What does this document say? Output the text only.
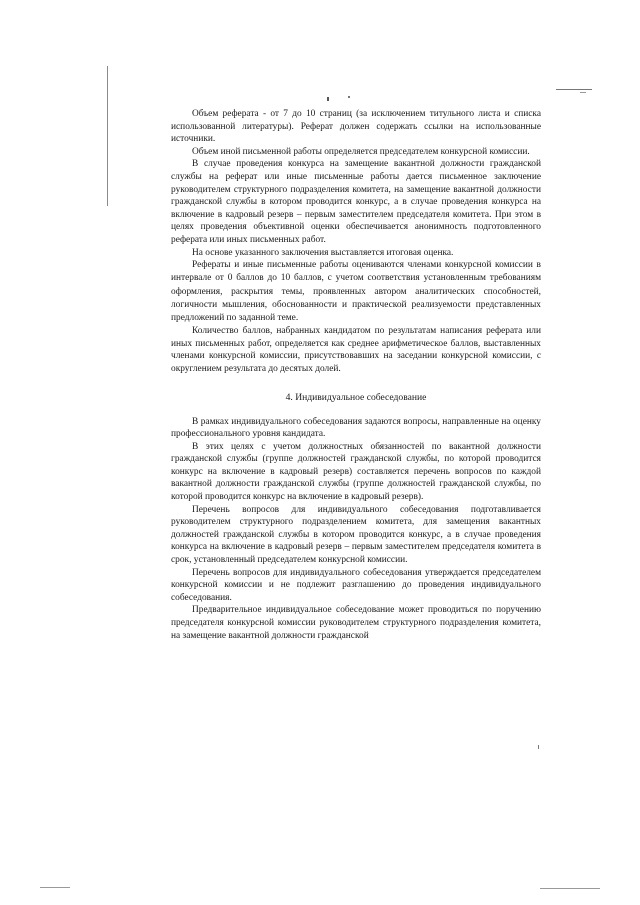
Объем реферата - от 7 до 10 страниц (за исключением титульного листа и списка использованной литературы). Реферат должен содержать ссылки на использованные источники.

Объем иной письменной работы определяется председателем конкурсной комиссии.

В случае проведения конкурса на замещение вакантной должности гражданской службы на реферат или иные письменные работы дается письменное заключение руководителем структурного подразделения комитета, на замещение вакантной должности гражданской службы в котором проводится конкурс, а в случае проведения конкурса на включение в кадровый резерв – первым заместителем председателя комитета. При этом в целях проведения объективной оценки обеспечивается анонимность подготовленного реферата или иных письменных работ.

На основе указанного заключения выставляется итоговая оценка.

Рефераты и иные письменные работы оцениваются членами конкурсной комиссии в интервале от 0 баллов до 10 баллов, с учетом соответствия установленным требованиям оформления, раскрытия темы, проявленных автором аналитических способностей, логичности мышления, обоснованности и практической реализуемости представленных предложений по заданной теме.

Количество баллов, набранных кандидатом по результатам написания реферата или иных письменных работ, определяется как среднее арифметическое баллов, выставленных членами конкурсной комиссии, присутствовавших на заседании конкурсной комиссии, с округлением результата до десятых долей.

4. Индивидуальное собеседование

В рамках индивидуального собеседования задаются вопросы, направленные на оценку профессионального уровня кандидата.

В этих целях с учетом должностных обязанностей по вакантной должности гражданской службы (группе должностей гражданской службы, по которой проводится конкурс на включение в кадровый резерв) составляется перечень вопросов по каждой вакантной должности гражданской службы (группе должностей гражданской службы, по которой проводится конкурс на включение в кадровый резерв).

Перечень вопросов для индивидуального собеседования подготавливается руководителем структурного подразделением комитета, для замещения вакантных должностей гражданской службы в котором проводится конкурс, а в случае проведения конкурса на включение в кадровый резерв – первым заместителем председателя комитета в срок, установленный председателем конкурсной комиссии.

Перечень вопросов для индивидуального собеседования утверждается председателем конкурсной комиссии и не подлежит разглашению до проведения индивидуального собеседования.

Предварительное индивидуальное собеседование может проводиться по поручению председателя конкурсной комиссии руководителем структурного подразделения комитета, на замещение вакантной должности гражданской
